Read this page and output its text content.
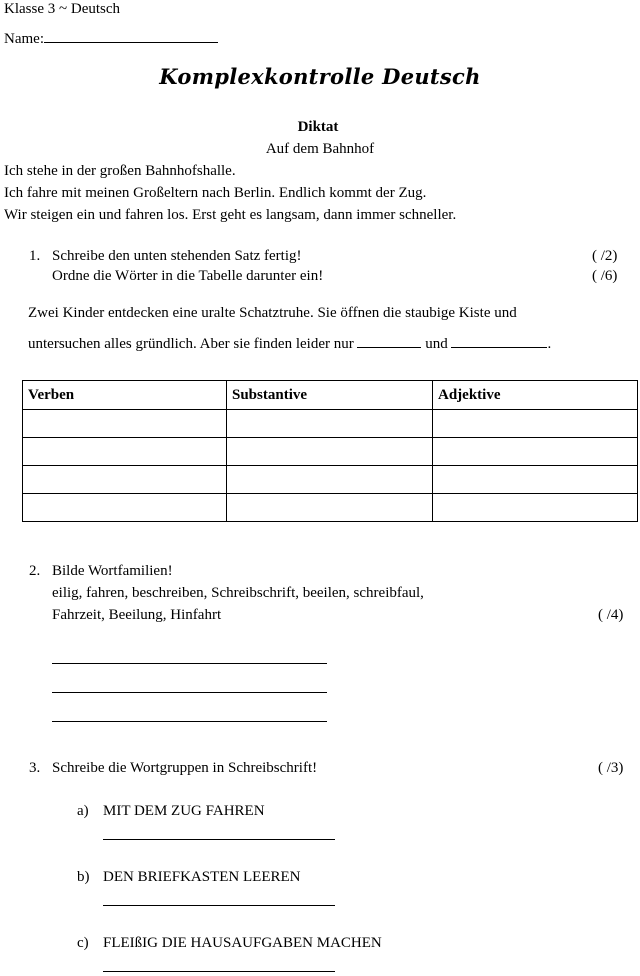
Klasse 3 ~ Deutsch
Name:
Komplexkontrolle Deutsch
Diktat
Auf dem Bahnhof
Ich stehe in der großen Bahnhofshalle.
Ich fahre mit meinen Großeltern nach Berlin. Endlich kommt der Zug.
Wir steigen ein und fahren los. Erst geht es langsam, dann immer schneller.
1. Schreibe den unten stehenden Satz fertig!	( /2)
Ordne die Wörter in die Tabelle darunter ein!	( /6)
Zwei Kinder entdecken eine uralte Schatztruhe. Sie öffnen die staubige Kiste und
untersuchen alles gründlich. Aber sie finden leider nur	und	.
Verben	Substantive	Adjektive

2. Bilde Wortfamilien!
eilig, fahren, beschreiben, Schreibschrift, beeilen, schreibfaul,
Fahrzeit, Beeilung, Hinfahrt	( /4)
3. Schreibe die Wortgruppen in Schreibschrift!	( /3)
a) MIT DEM ZUG FAHREN
b) DEN BRIEFKASTEN LEEREN
c) FLEIßIG DIE HAUSAUFGABEN MACHEN
